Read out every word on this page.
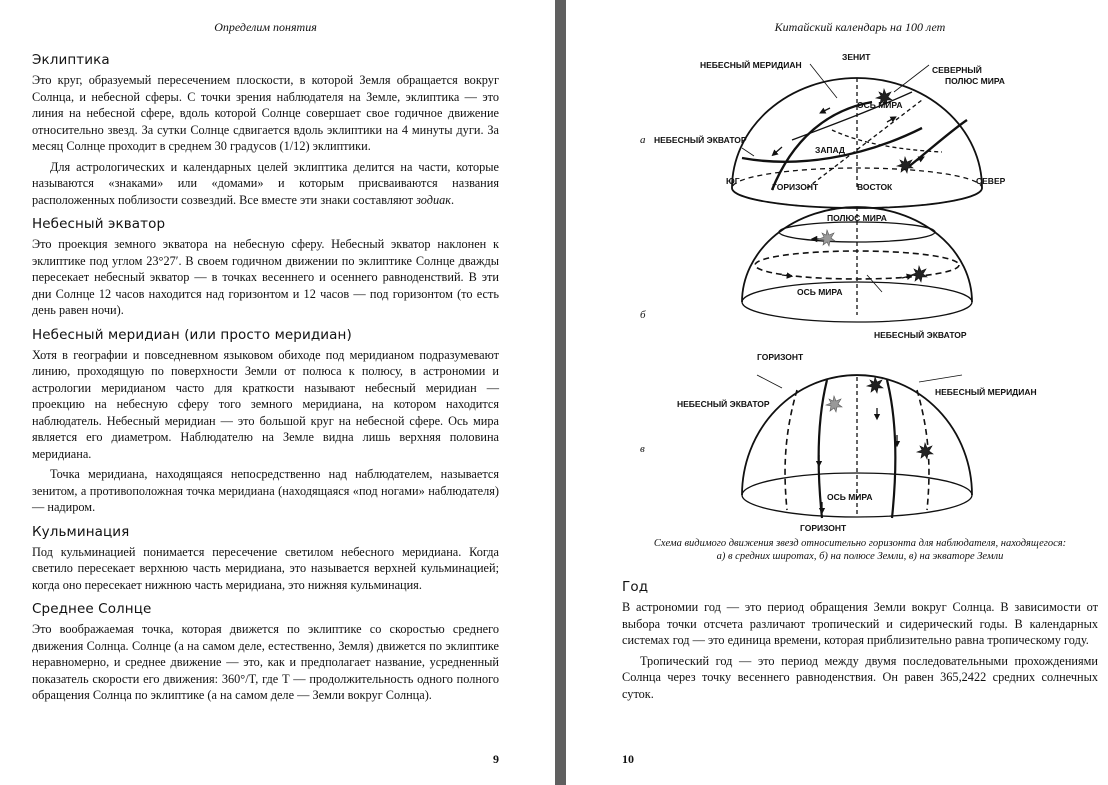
Определим понятия
Эклиптика

Это круг, образуемый пересечением плоскости, в которой Земля обращается вокруг Солнца, и небесной сферы. С точки зрения наблюдателя на Земле, эклиптика — это линия на небесной сфере, вдоль которой Солнце совершает свое годичное движение относительно звезд. За сутки Солнце сдвигается вдоль эклиптики на 4 минуты дуги. За месяц Солнце проходит в среднем 30 градусов (1/12) эклиптики.

Для астрологических и календарных целей эклиптика делится на части, которые называются «знаками» или «домами» и которым присваиваются названия расположенных поблизости созвездий. Все вместе эти знаки составляют зодиак.

Небесный экватор

Это проекция земного экватора на небесную сферу. Небесный экватор наклонен к эклиптике под углом 23°27′. В своем годичном движении по эклиптике Солнце дважды пересекает небесный экватор — в точках весеннего и осеннего равноденствий. В эти дни Солнце 12 часов находится над горизонтом и 12 часов — под горизонтом (то есть день равен ночи).

Небесный меридиан (или просто меридиан)

Хотя в географии и повседневном языковом обиходе под меридианом подразумевают линию, проходящую по поверхности Земли от полюса к полюсу, в астрономии и астрологии меридианом часто для краткости называют небесный меридиан — проекцию на небесную сферу того земного меридиана, на котором находится наблюдатель. Небесный меридиан — это большой круг на небесной сфере. Ось мира является его диаметром. Наблюдателю на Земле видна лишь верхняя половина меридиана.

Точка меридиана, находящаяся непосредственно над наблюдателем, называется зенитом, а противоположная точка меридиана (находящаяся «под ногами» наблюдателя) — надиром.

Кульминация

Под кульминацией понимается пересечение светилом небесного меридиана. Когда светило пересекает верхнюю часть меридиана, это называется верхней кульминацией; когда оно пересекает нижнюю часть меридиана, это нижняя кульминация.

Среднее Солнце

Это воображаемая точка, которая движется по эклиптике со скоростью среднего движения Солнца. Солнце (а на самом деле, естественно, Земля) движется по эклиптике неравномерно, и среднее движение — это, как и предполагает название, усредненный показатель скорости его движения: 360°/T, где T — продолжительность одного полного обращения Солнца по эклиптике (а на самом деле — Земли вокруг Солнца).

9
Китайский календарь на 100 лет
а
б
в
ЗЕНИТ
НЕБЕСНЫЙ МЕРИДИАН	СЕВЕРНЫЙ
ПОЛЮС МИРА
ОСЬ МИРА
НЕБЕСНЫЙ ЭКВАТОР
ЗАПАД
ЮГ
ГОРИЗОНТ	ВОСТОК
СЕВЕР
ПОЛЮС МИРА
ОСЬ МИРА
НЕБЕСНЫЙ ЭКВАТОР
ГОРИЗОНТ
НЕБЕСНЫЙ ЭКВАТОР
НЕБЕСНЫЙ МЕРИДИАН
ОСЬ МИРА
ГОРИЗОНТ
Схема видимого движения звезд относительно горизонта для наблюдателя, находящегося:
а) в средних широтах, б) на полюсе Земли, в) на экваторе Земли
Год

В астрономии год — это период обращения Земли вокруг Солнца. В зависимости от выбора точки отсчета различают тропический и сидерический годы. В календарных системах год — это единица времени, которая приблизительно равна тропическому году.

Тропический год — это период между двумя последовательными прохождениями Солнца через точку весеннего равноденствия. Он равен 365,2422 средних солнечных суток.

10
